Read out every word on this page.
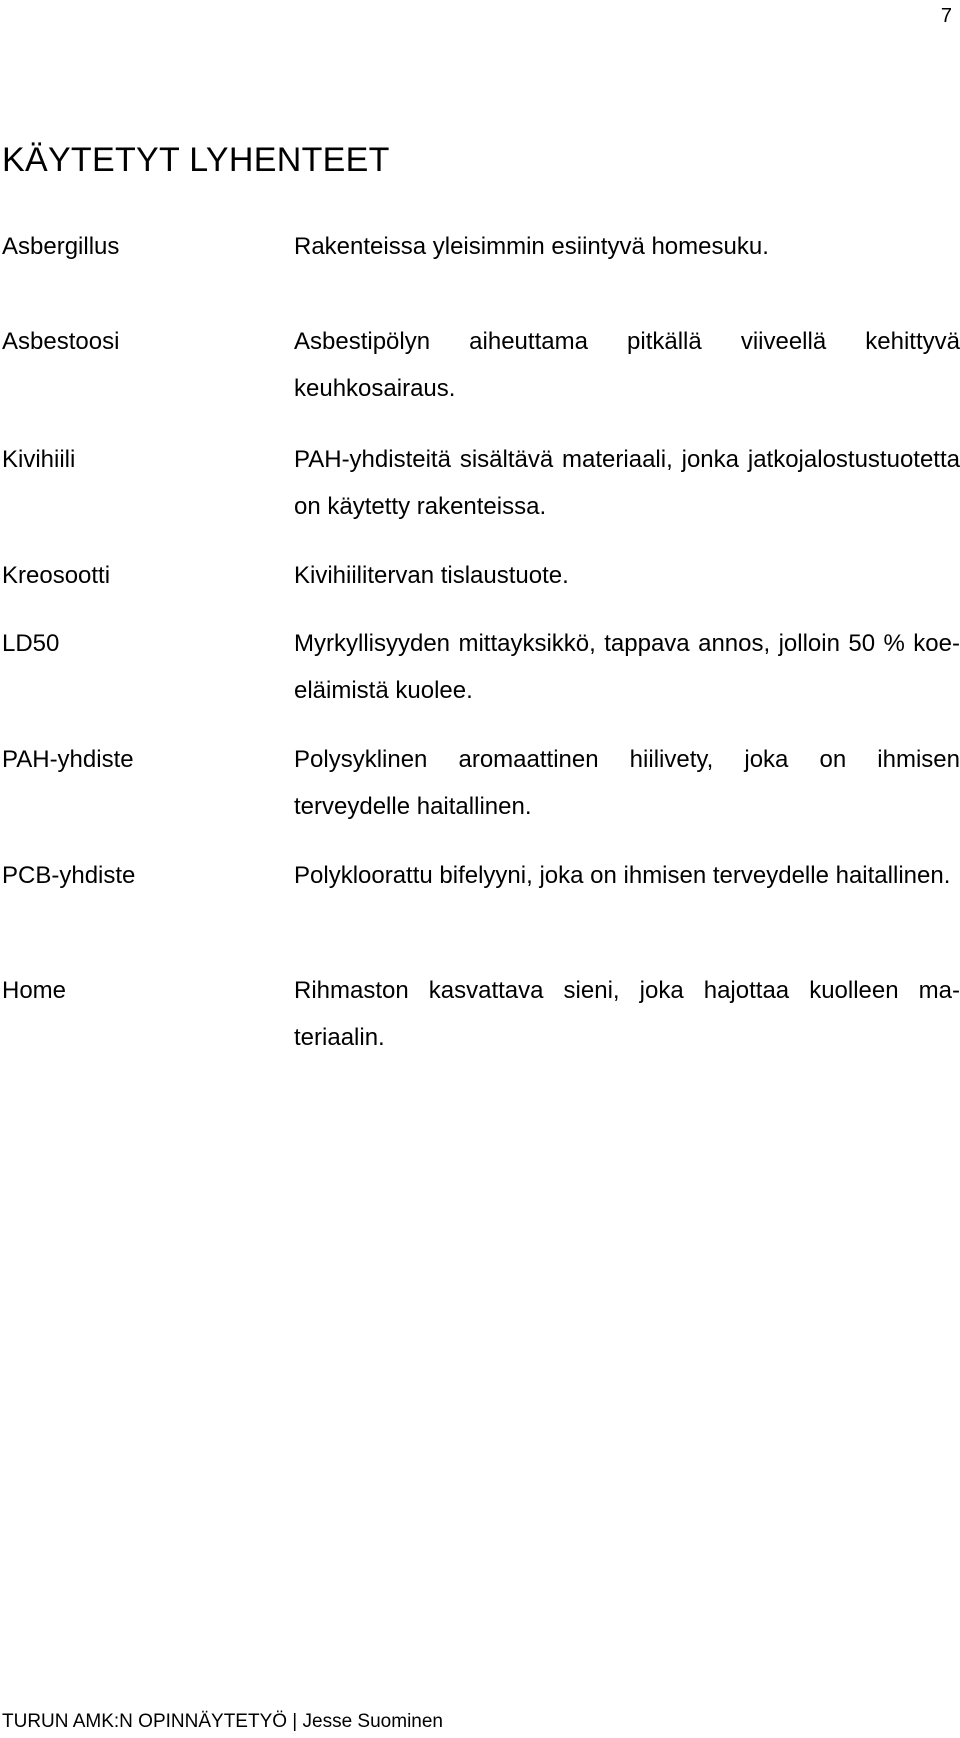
7
KÄYTETYT LYHENTEET
Asbergillus	Rakenteissa yleisimmin esiintyvä homesuku.
Asbestoosi	Asbestipölyn aiheuttama pitkällä viiveellä kehittyvä keuhkosairaus.
Kivihiili	PAH-yhdisteitä sisältävä materiaali, jonka jatkojalostustuotetta on käytetty rakenteissa.
Kreosootti	Kivihiilitervan tislaustuote.
LD50	Myrkyllisyyden mittayksikkö, tappava annos, jolloin 50 % koe-eläimistä kuolee.
PAH-yhdiste	Polysyklinen aromaattinen hiilivety, joka on ihmisen terveydelle haitallinen.
PCB-yhdiste	Polykloorattu bifelyyni, joka on ihmisen terveydelle haitallinen.
Home	Rihmaston kasvattava sieni, joka hajottaa kuolleen materiaalin.
TURUN AMK:N OPINNÄYTETYÖ | Jesse Suominen
